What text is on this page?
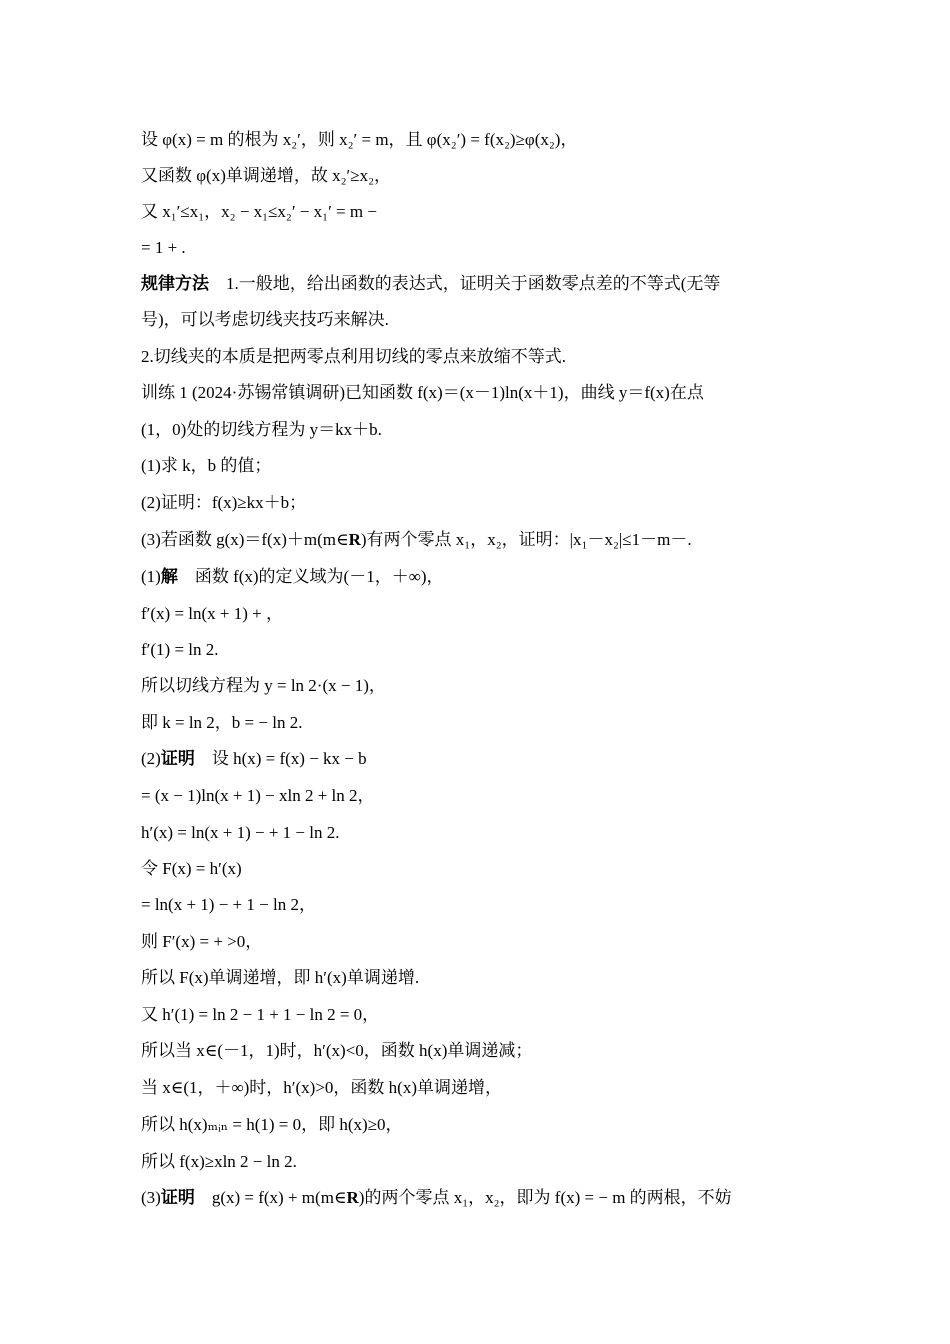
设 φ(x) = m 的根为 x₂′，则 x₂′ = m，且 φ(x₂′) = f(x₂)≥φ(x₂)，
又函数 φ(x)单调递增，故 x₂′≥x₂，
又 x₁′≤x₁，x₂ − x₁≤x₂′ − x₁′ = m −
= 1 + .
规律方法　1.一般地，给出函数的表达式，证明关于函数零点差的不等式(无等
号)，可以考虑切线夹技巧来解决.
2.切线夹的本质是把两零点利用切线的零点来放缩不等式.
训练 1 (2024·苏锡常镇调研)已知函数 f(x)＝(x－1)ln(x＋1)，曲线 y＝f(x)在点
(1，0)处的切线方程为 y＝kx＋b.
(1)求 k，b 的值；
(2)证明：f(x)≥kx＋b；
(3)若函数 g(x)＝f(x)＋m(m∈R)有两个零点 x₁，x₂，证明：|x₁－x₂|≤1－m－.
(1)解　函数 f(x)的定义域为(－1，＋∞)，
f′(x) = ln(x + 1) + ，
f′(1) = ln 2.
所以切线方程为 y = ln 2·(x − 1)，
即 k = ln 2，b = − ln 2.
(2)证明　设 h(x) = f(x) − kx − b
= (x − 1)ln(x + 1) − xln 2 + ln 2，
h′(x) = ln(x + 1) − + 1 − ln 2.
令 F(x) = h′(x)
= ln(x + 1) − + 1 − ln 2，
则 F′(x) = + >0，
所以 F(x)单调递增，即 h′(x)单调递增.
又 h′(1) = ln 2 − 1 + 1 − ln 2 = 0，
所以当 x∈(－1，1)时，h′(x)<0，函数 h(x)单调递减；
当 x∈(1，＋∞)时，h′(x)>0，函数 h(x)单调递增，
所以 h(x)ₘᵢₙ = h(1) = 0，即 h(x)≥0，
所以 f(x)≥xln 2 − ln 2.
(3)证明　g(x) = f(x) + m(m∈R)的两个零点 x₁，x₂，即为 f(x) = − m 的两根，不妨
